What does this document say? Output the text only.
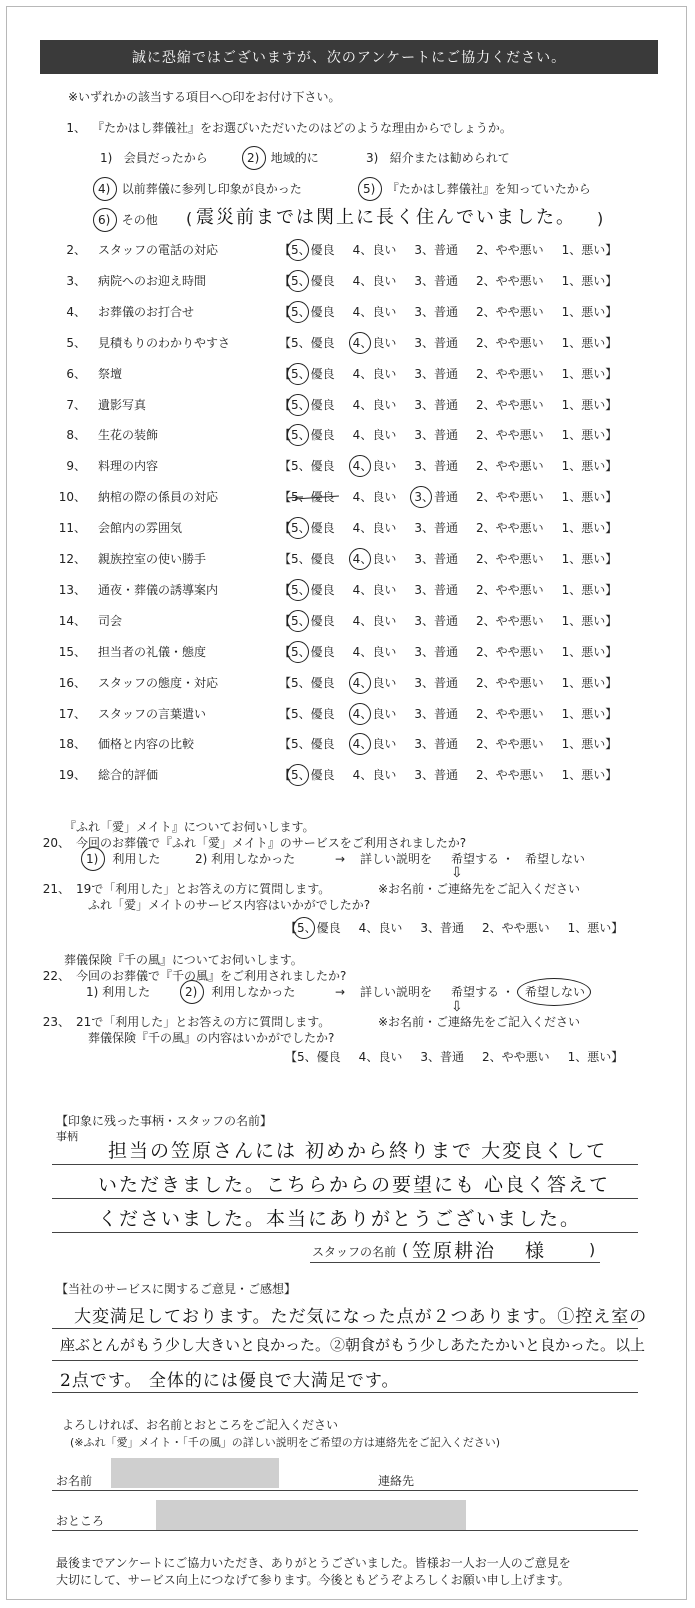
誠に恐縮ではございますが、次のアンケートにご協力ください。
※いずれかの該当する項目へ○印をお付け下さい。
1、 『たかはし葬儀社』をお選びいただいたのはどのような理由からでしょうか。
1) 会員だったから	2) 地域的に	3) 紹介または勧められて
4) 以前葬儀に参列し印象が良かった	5) 『たかはし葬儀社』を知っていたから
6) その他 ( 震災前までは関上に長く住んでいました。 )
2、 スタッフの電話の対応	【5、優良 4、良い 3、普通 2、やや悪い 1、悪い】
3、 病院へのお迎え時間	【5、優良 4、良い 3、普通 2、やや悪い 1、悪い】
4、 お葬儀のお打合せ	【5、優良 4、良い 3、普通 2、やや悪い 1、悪い】
5、 見積もりのわかりやすさ	【5、優良 4、良い 3、普通 2、やや悪い 1、悪い】
6、 祭壇	【5、優良 4、良い 3、普通 2、やや悪い 1、悪い】
7、 遺影写真	【5、優良 4、良い 3、普通 2、やや悪い 1、悪い】
8、 生花の装飾	【5、優良 4、良い 3、普通 2、やや悪い 1、悪い】
9、 料理の内容	【5、優良 4、良い 3、普通 2、やや悪い 1、悪い】
10、 納棺の際の係員の対応	【5、優良 4、良い 3、普通 2、やや悪い 1、悪い】
11、 会館内の雰囲気	【5、優良 4、良い 3、普通 2、やや悪い 1、悪い】
12、 親族控室の使い勝手	【5、優良 4、良い 3、普通 2、やや悪い 1、悪い】
13、 通夜・葬儀の誘導案内	【5、優良 4、良い 3、普通 2、やや悪い 1、悪い】
14、 司会	【5、優良 4、良い 3、普通 2、やや悪い 1、悪い】
15、 担当者の礼儀・態度	【5、優良 4、良い 3、普通 2、やや悪い 1、悪い】
16、 スタッフの態度・対応	【5、優良 4、良い 3、普通 2、やや悪い 1、悪い】
17、 スタッフの言葉遣い	【5、優良 4、良い 3、普通 2、やや悪い 1、悪い】
18、 価格と内容の比較	【5、優良 4、良い 3、普通 2、やや悪い 1、悪い】
19、 総合的評価	【5、優良 4、良い 3、普通 2、やや悪い 1、悪い】
『ふれ「愛」メイト』についてお伺いします。
20、 今回のお葬儀で『ふれ「愛」メイト』のサービスをご利用されましたか?
1) 利用した	2) 利用しなかった	→ 詳しい説明を 希望する ・ 希望しない
⇩
21、 19で「利用した」とお答えの方に質問します。	※お名前・ご連絡先をご記入ください
ふれ「愛」メイトのサービス内容はいかがでしたか?
【5、優良 4、良い 3、普通 2、やや悪い 1、悪い】
葬儀保険『千の風』についてお伺いします。
22、 今回のお葬儀で『千の風』をご利用されましたか?
1) 利用した	2) 利用しなかった	→ 詳しい説明を 希望する ・ 希望しない
⇩
23、 21で「利用した」とお答えの方に質問します。	※お名前・ご連絡先をご記入ください
葬儀保険『千の風』の内容はいかがでしたか?
【5、優良 4、良い 3、普通 2、やや悪い 1、悪い】
【印象に残った事柄・スタッフの名前】
事柄
担当の笠原さんには 初めから終りまで 大変良くして
いただきました。こちらからの要望にも 心良く答えて
くださいました。本当にありがとうございました。
スタッフの名前 ( 笠原耕治 様	)
【当社のサービスに関するご意見・ご感想】
大変満足しております。ただ気になった点が２つあります。①控え室の
座ぶとんがもう少し大きいと良かった。②朝食がもう少しあたたかいと良かった。以上
2点です。 全体的には優良で大満足です。
よろしければ、お名前とおところをご記入ください
(※ふれ「愛」メイト・「千の風」の詳しい説明をご希望の方は連絡先をご記入ください)
お名前	連絡先
おところ
最後までアンケートにご協力いただき、ありがとうございました。皆様お一人お一人のご意見を
大切にして、サービス向上につなげて参ります。今後ともどうぞよろしくお願い申し上げます。
